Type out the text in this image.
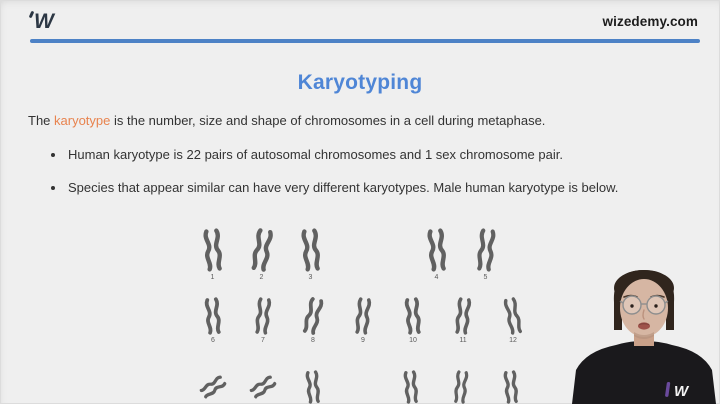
W	wizedemy.com
Karyotyping

The karyotype is the number, size and shape of chromosomes in a cell during metaphase.

• Human karyotype is 22 pairs of autosomal chromosomes and 1 sex chromosome pair.
• Species that appear similar can have very different karyotypes. Male human karyotype is below.
1	2	3	4	5
6	7	8	9	10	11	12
W
